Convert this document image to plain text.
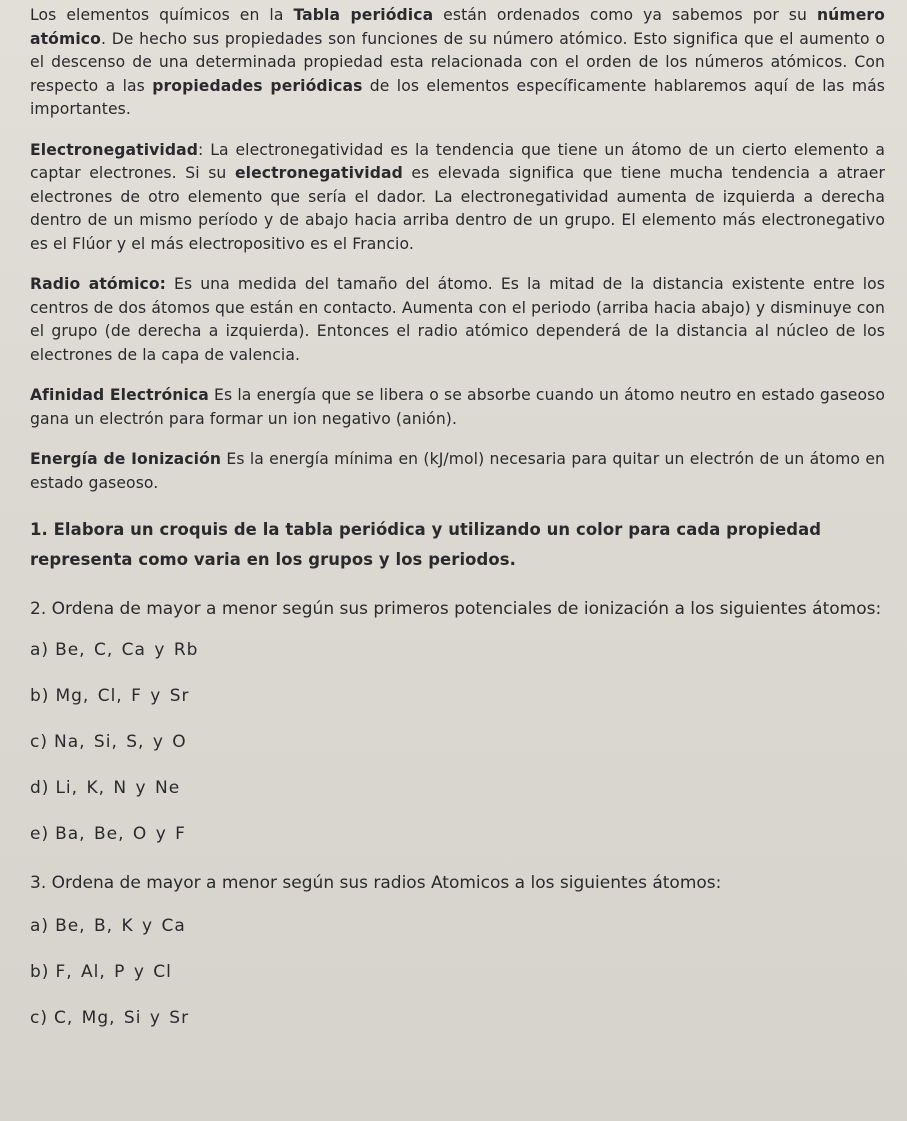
Los elementos químicos en la Tabla periódica están ordenados como ya sabemos por su número atómico. De hecho sus propiedades son funciones de su número atómico. Esto significa que el aumento o el descenso de una determinada propiedad esta relacionada con el orden de los números atómicos. Con respecto a las propiedades periódicas de los elementos específicamente hablaremos aquí de las más importantes.

Electronegatividad: La electronegatividad es la tendencia que tiene un átomo de un cierto elemento a captar electrones. Si su electronegatividad es elevada significa que tiene mucha tendencia a atraer electrones de otro elemento que sería el dador. La electronegatividad aumenta de izquierda a derecha dentro de un mismo período y de abajo hacia arriba dentro de un grupo. El elemento más electronegativo es el Flúor y el más electropositivo es el Francio.

Radio atómico: Es una medida del tamaño del átomo. Es la mitad de la distancia existente entre los centros de dos átomos que están en contacto. Aumenta con el periodo (arriba hacia abajo) y disminuye con el grupo (de derecha a izquierda). Entonces el radio atómico dependerá de la distancia al núcleo de los electrones de la capa de valencia.

Afinidad Electrónica Es la energía que se libera o se absorbe cuando un átomo neutro en estado gaseoso gana un electrón para formar un ion negativo (anión).

Energía de Ionización Es la energía mínima en (kJ/mol) necesaria para quitar un electrón de un átomo en estado gaseoso.

1. Elabora un croquis de la tabla periódica y utilizando un color para cada propiedad representa como varia en los grupos y los periodos.

2. Ordena de mayor a menor según sus primeros potenciales de ionización a los siguientes átomos:

a) Be, C, Ca y Rb
b) Mg, Cl, F y Sr
c) Na, Si, S, y O
d) Li, K, N y Ne
e) Ba, Be, O y F

3. Ordena de mayor a menor según sus radios Atomicos a los siguientes átomos:

a) Be, B, K y Ca
b) F, Al, P y Cl
c) C, Mg, Si y Sr
